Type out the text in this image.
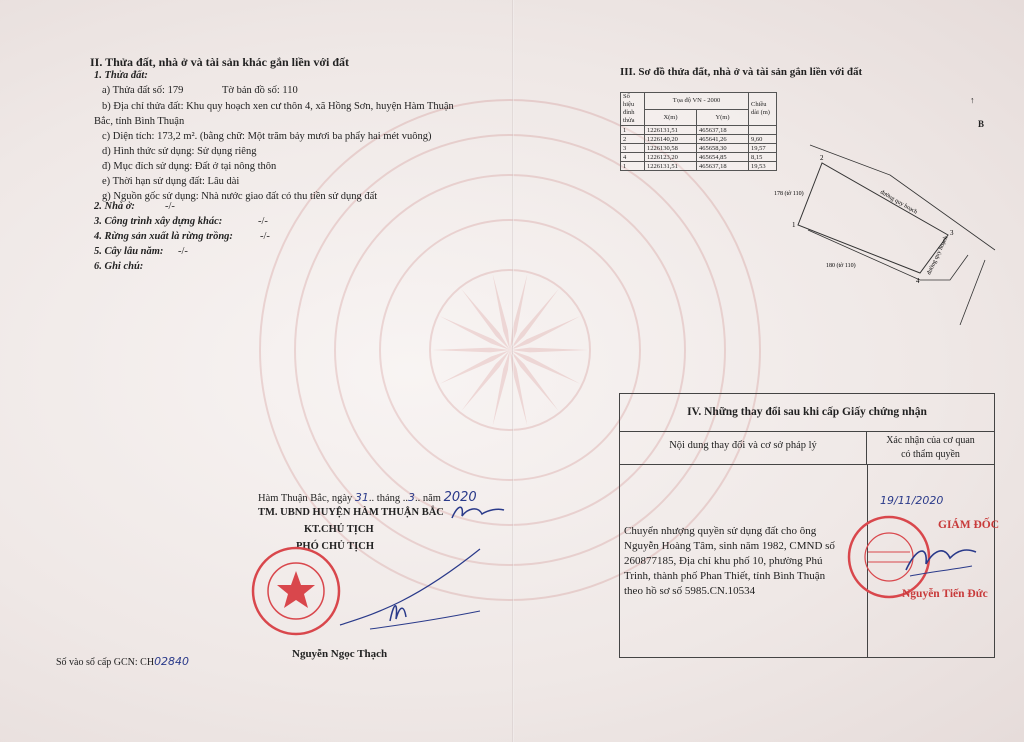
II. Thửa đất, nhà ở và tài sản khác gắn liền với đất
1. Thửa đất:
a) Thửa đất số: 179	Tờ bản đồ số: 110
b) Địa chỉ thửa đất: Khu quy hoạch xen cư thôn 4, xã Hồng Sơn, huyện Hàm Thuận
Bắc, tỉnh Bình Thuận
c) Diện tích: 173,2 m². (bằng chữ: Một trăm bảy mươi ba phẩy hai mét vuông)
d) Hình thức sử dụng: Sử dụng riêng
đ) Mục đích sử dụng: Đất ở tại nông thôn
e) Thời hạn sử dụng đất: Lâu dài
g) Nguồn gốc sử dụng: Nhà nước giao đất có thu tiền sử dụng đất
2. Nhà ở:	-/-
3. Công trình xây dựng khác:	-/-
4. Rừng sản xuất là rừng trồng:	-/-
5. Cây lâu năm: -/-
6. Ghi chú:
Hàm Thuận Bắc, ngày 31.. tháng ..3.. năm 2020
TM. UBND HUYỆN HÀM THUẬN BẮC
KT.CHỦ TỊCH
PHÓ CHỦ TỊCH
Nguyễn Ngọc Thạch
Số vào sổ cấp GCN: CH02840
III. Sơ đồ thửa đất, nhà ở và tài sản gắn liền với đất
Số hiệu đỉnh thửa	Tọa độ VN - 2000		Chiều dài (m)
	X(m)	Y(m)	
1	1226131,51	465637,18	
2	1226140,20	465641,26	9,60
3	1226130,58	465658,30	19,57
4	1226123,20	465654,85	8,15
1	1226131,51	465637,18	19,53
178 (tờ 110)
180 (tờ 110)
đường quy hoạch
đường quy hoạch
1
2
3
4
↑
B
IV. Những thay đổi sau khi cấp Giấy chứng nhận
Nội dung thay đổi và cơ sở pháp lý	Xác nhận của cơ quan
có thẩm quyền
Chuyển nhượng quyền sử dụng đất cho ông
Nguyễn Hoàng Tâm, sinh năm 1982, CMND số
260877185, Địa chỉ khu phố 10, phường Phú
Trinh, thành phố Phan Thiết, tỉnh Bình Thuận
theo hồ sơ số 5985.CN.10534
19/11/2020
GIÁM ĐỐC
Nguyễn Tiến Đức
